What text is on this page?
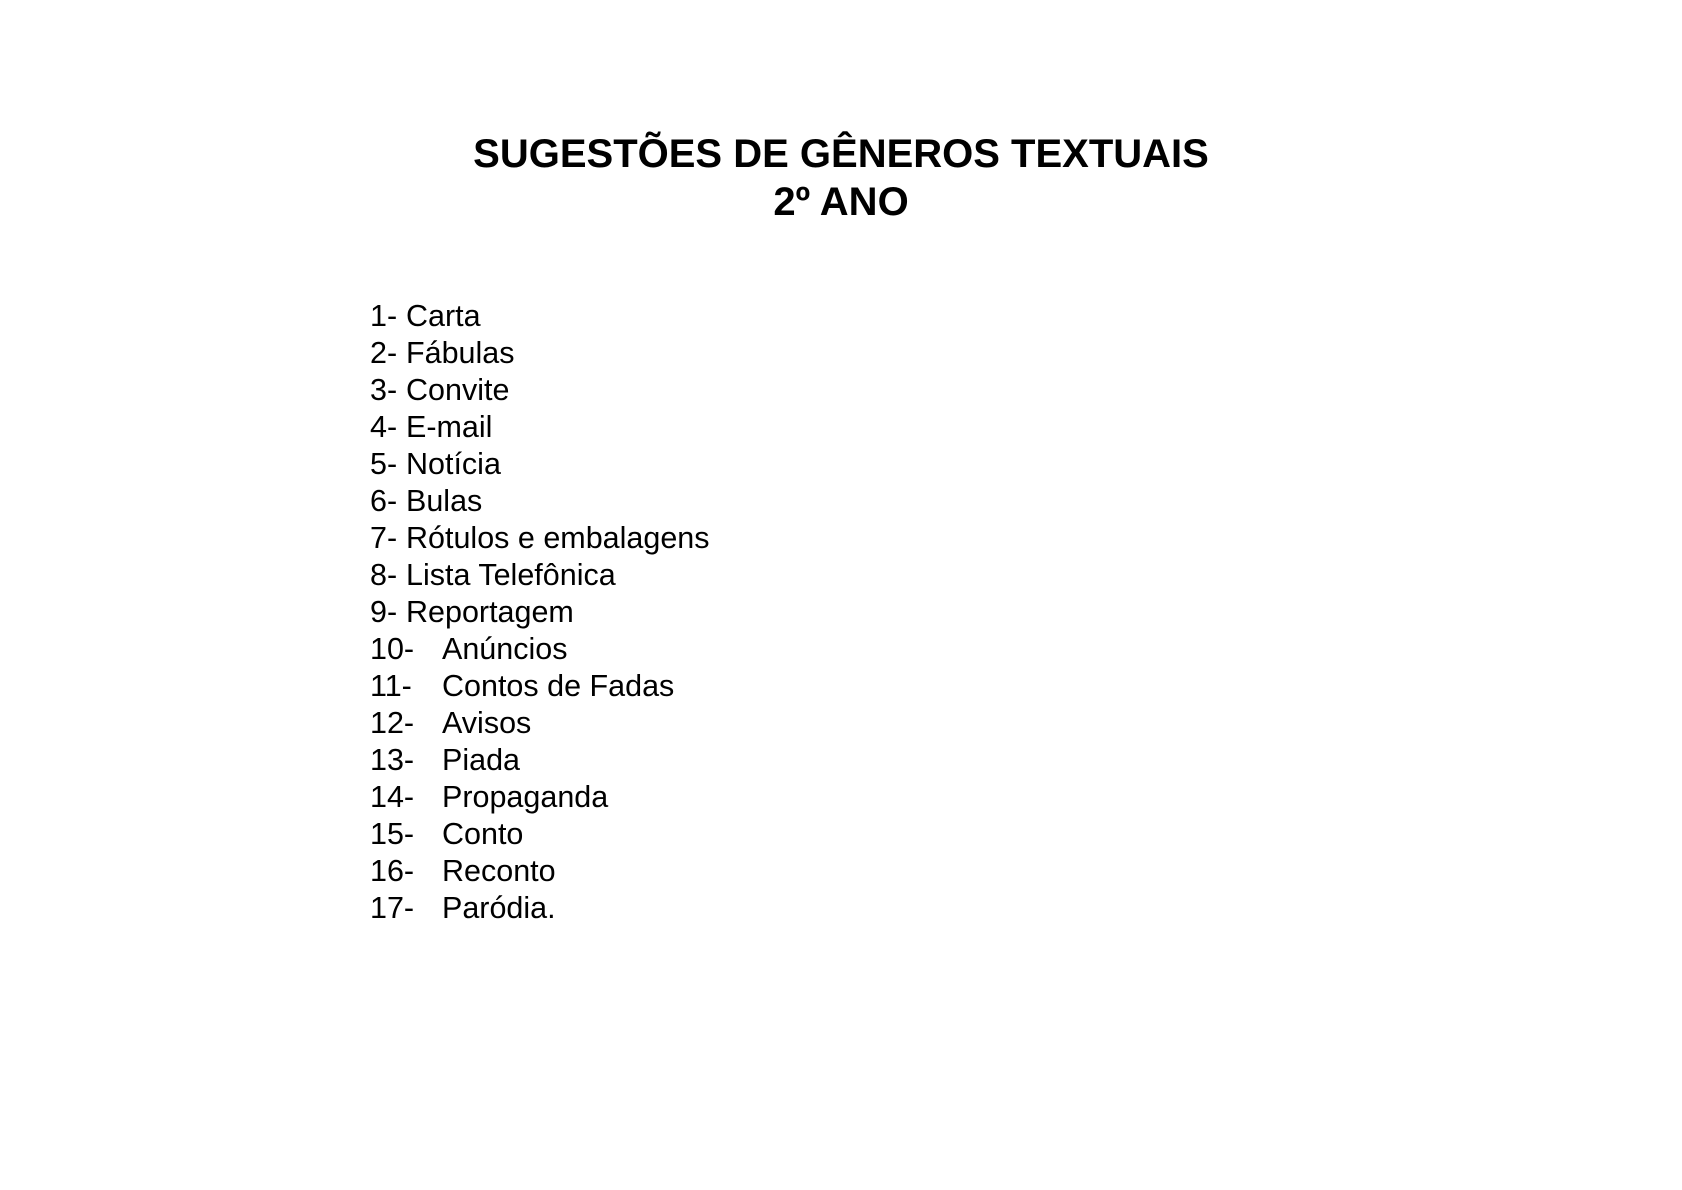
SUGESTÕES DE GÊNEROS TEXTUAIS
2º ANO
1- Carta
2- Fábulas
3- Convite
4- E-mail
5- Notícia
6- Bulas
7- Rótulos e embalagens
8- Lista Telefônica
9- Reportagem
10- Anúncios
11- Contos de Fadas
12- Avisos
13- Piada
14- Propaganda
15- Conto
16- Reconto
17- Paródia.
